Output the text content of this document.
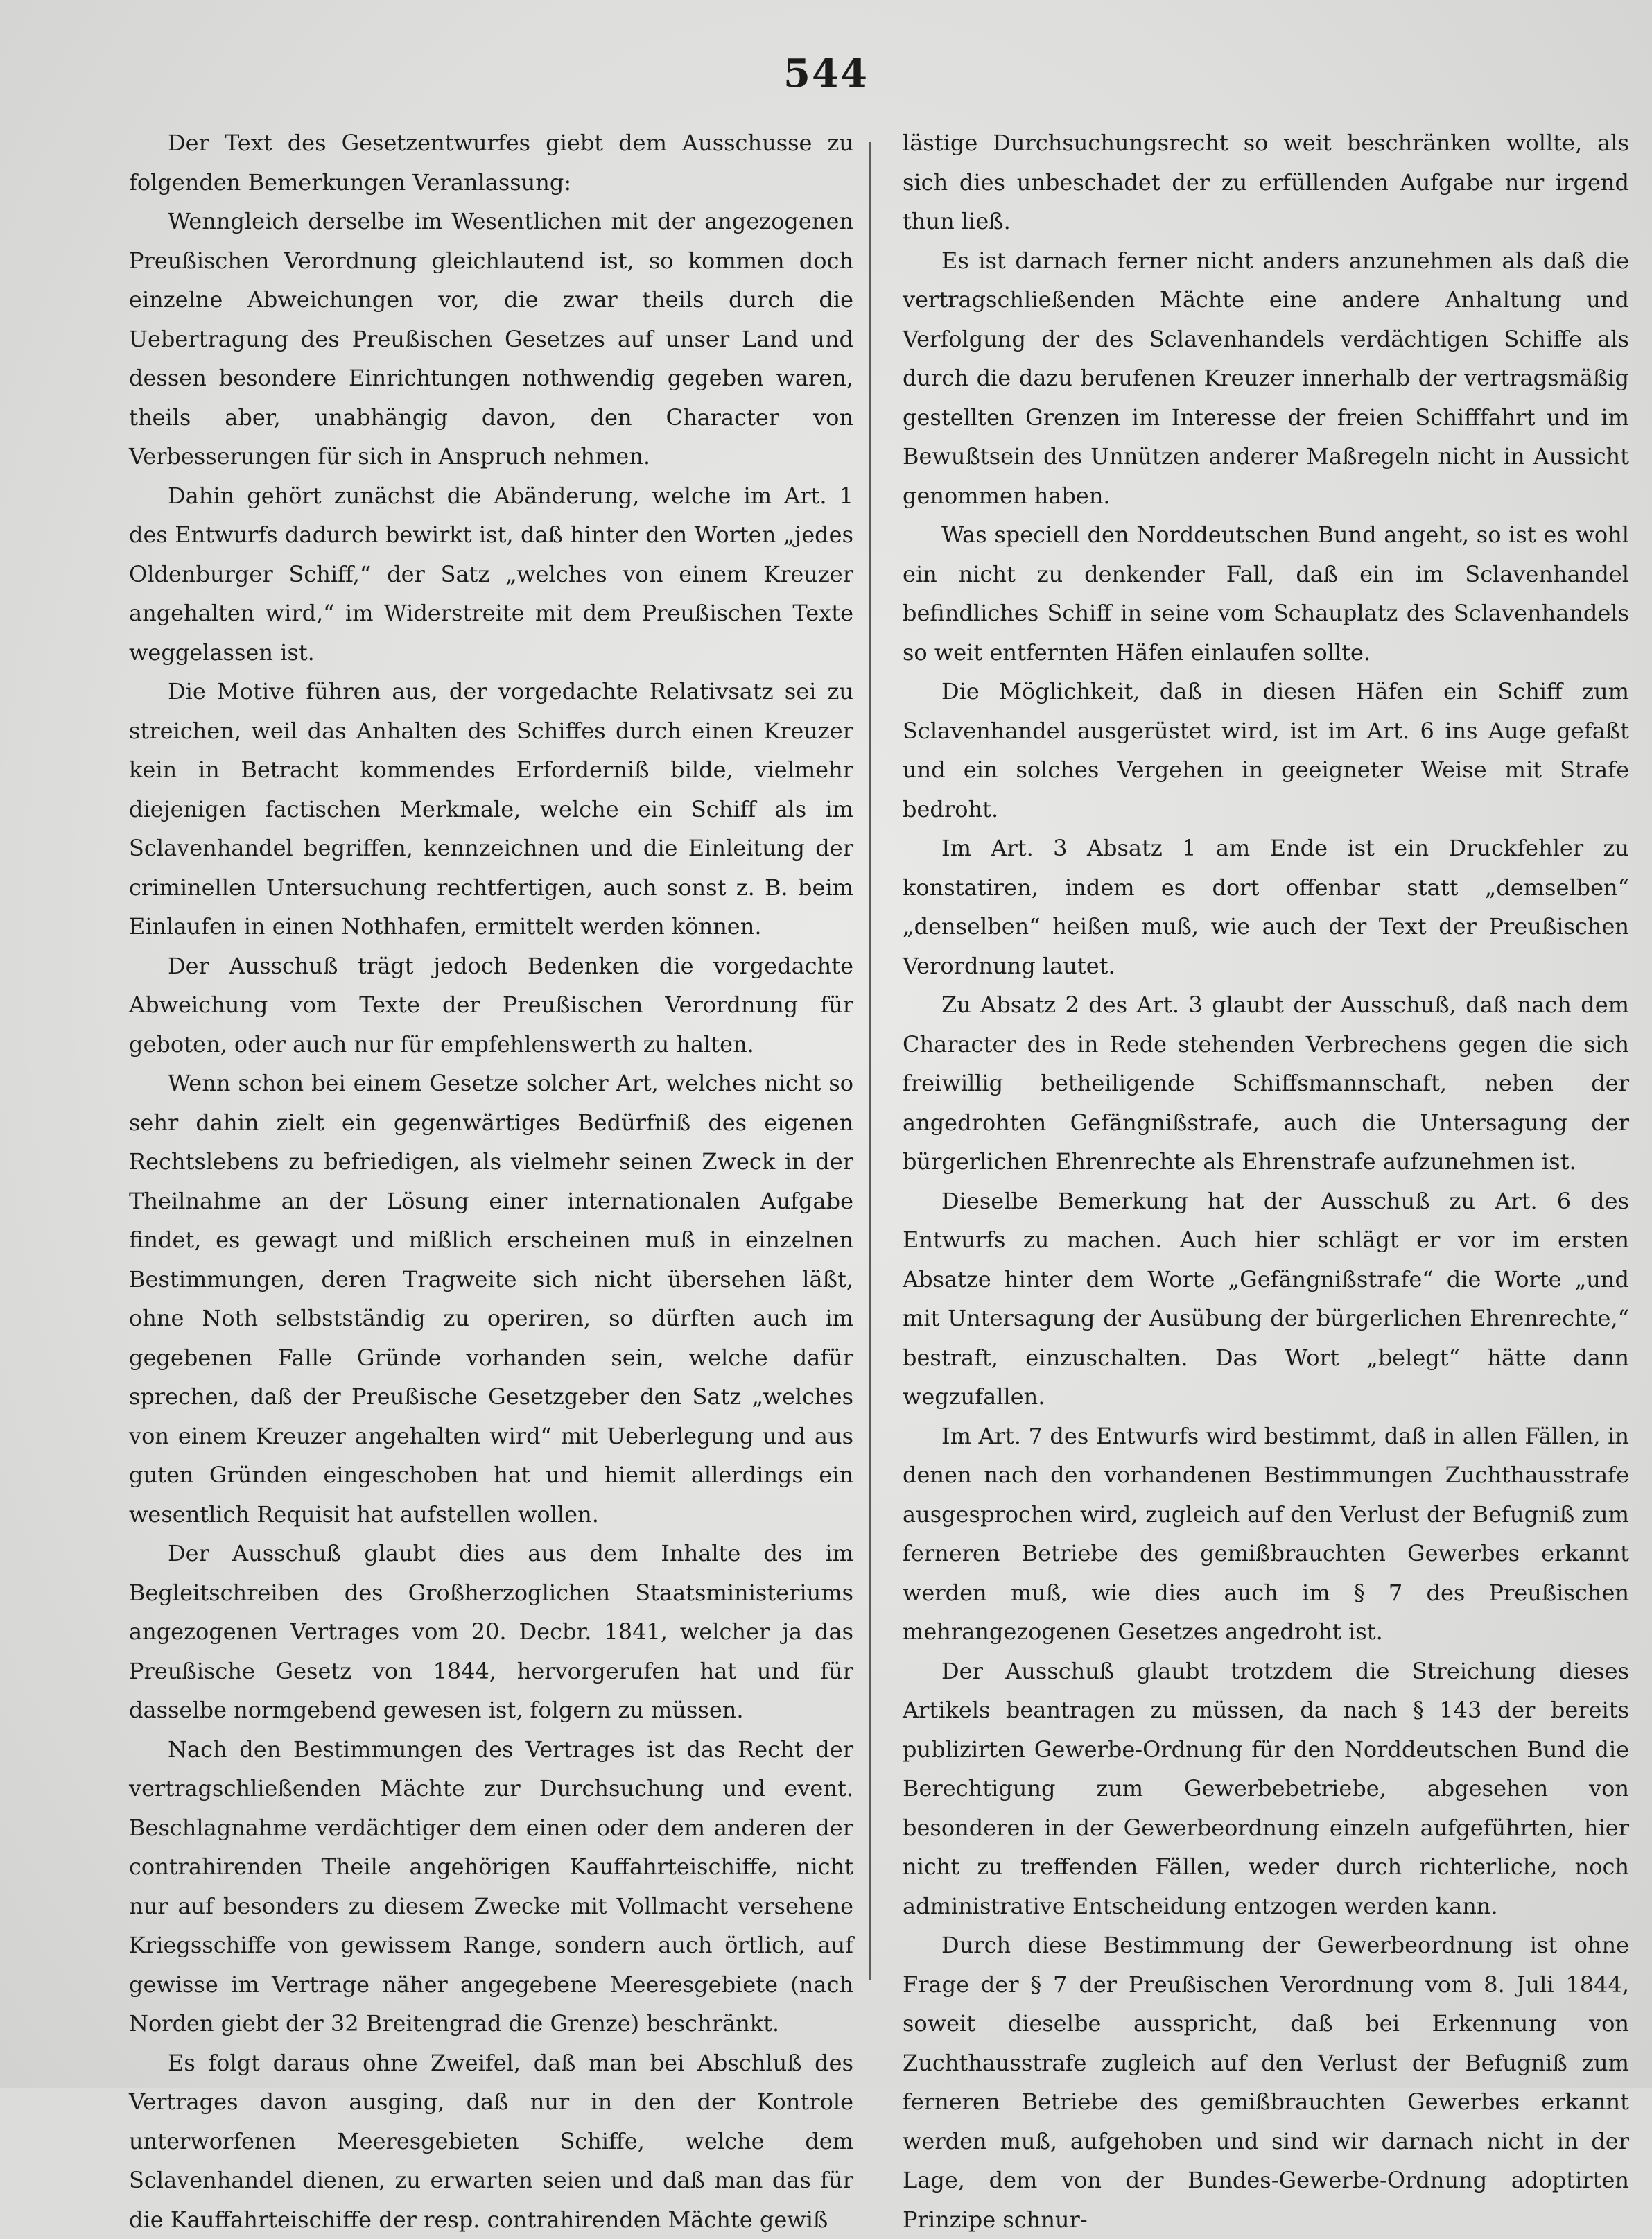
544

Der Text des Gesetzentwurfes giebt dem Ausschusse zu folgenden Bemerkungen Veranlassung:

Wenngleich derselbe im Wesentlichen mit der angezogenen Preußischen Verordnung gleichlautend ist, so kommen doch einzelne Abweichungen vor, die zwar theils durch die Uebertragung des Preußischen Gesetzes auf unser Land und dessen besondere Einrichtungen nothwendig gegeben waren, theils aber, unabhängig davon, den Character von Verbesserungen für sich in Anspruch nehmen.

Dahin gehört zunächst die Abänderung, welche im Art. 1 des Entwurfs dadurch bewirkt ist, daß hinter den Worten „jedes Oldenburger Schiff,“ der Satz „welches von einem Kreuzer angehalten wird,“ im Widerstreite mit dem Preußischen Texte weggelassen ist.

Die Motive führen aus, der vorgedachte Relativsatz sei zu streichen, weil das Anhalten des Schiffes durch einen Kreuzer kein in Betracht kommendes Erforderniß bilde, vielmehr diejenigen factischen Merkmale, welche ein Schiff als im Sclavenhandel begriffen, kennzeichnen und die Einleitung der criminellen Untersuchung rechtfertigen, auch sonst z. B. beim Einlaufen in einen Nothhafen, ermittelt werden können.

Der Ausschuß trägt jedoch Bedenken die vorgedachte Abweichung vom Texte der Preußischen Verordnung für geboten, oder auch nur für empfehlenswerth zu halten.

Wenn schon bei einem Gesetze solcher Art, welches nicht so sehr dahin zielt ein gegenwärtiges Bedürfniß des eigenen Rechtslebens zu befriedigen, als vielmehr seinen Zweck in der Theilnahme an der Lösung einer internationalen Aufgabe findet, es gewagt und mißlich erscheinen muß in einzelnen Bestimmungen, deren Tragweite sich nicht übersehen läßt, ohne Noth selbstständig zu operiren, so dürften auch im gegebenen Falle Gründe vorhanden sein, welche dafür sprechen, daß der Preußische Gesetzgeber den Satz „welches von einem Kreuzer angehalten wird“ mit Ueberlegung und aus guten Gründen eingeschoben hat und hiemit allerdings ein wesentlich Requisit hat aufstellen wollen.

Der Ausschuß glaubt dies aus dem Inhalte des im Begleitschreiben des Großherzoglichen Staatsministeriums angezogenen Vertrages vom 20. Decbr. 1841, welcher ja das Preußische Gesetz von 1844, hervorgerufen hat und für dasselbe normgebend gewesen ist, folgern zu müssen.

Nach den Bestimmungen des Vertrages ist das Recht der vertragschließenden Mächte zur Durchsuchung und event. Beschlagnahme verdächtiger dem einen oder dem anderen der contrahirenden Theile angehörigen Kauffahrteischiffe, nicht nur auf besonders zu diesem Zwecke mit Vollmacht versehene Kriegsschiffe von gewissem Range, sondern auch örtlich, auf gewisse im Vertrage näher angegebene Meeresgebiete (nach Norden giebt der 32 Breitengrad die Grenze) beschränkt.

Es folgt daraus ohne Zweifel, daß man bei Abschluß des Vertrages davon ausging, daß nur in den der Kontrole unterworfenen Meeresgebieten Schiffe, welche dem Sclavenhandel dienen, zu erwarten seien und daß man das für die Kauffahrteischiffe der resp. contrahirenden Mächte gewiß

lästige Durchsuchungsrecht so weit beschränken wollte, als sich dies unbeschadet der zu erfüllenden Aufgabe nur irgend thun ließ.

Es ist darnach ferner nicht anders anzunehmen als daß die vertragschließenden Mächte eine andere Anhaltung und Verfolgung der des Sclavenhandels verdächtigen Schiffe als durch die dazu berufenen Kreuzer innerhalb der vertragsmäßig gestellten Grenzen im Interesse der freien Schifffahrt und im Bewußtsein des Unnützen anderer Maßregeln nicht in Aussicht genommen haben.

Was speciell den Norddeutschen Bund angeht, so ist es wohl ein nicht zu denkender Fall, daß ein im Sclavenhandel befindliches Schiff in seine vom Schauplatz des Sclavenhandels so weit entfernten Häfen einlaufen sollte.

Die Möglichkeit, daß in diesen Häfen ein Schiff zum Sclavenhandel ausgerüstet wird, ist im Art. 6 ins Auge gefaßt und ein solches Vergehen in geeigneter Weise mit Strafe bedroht.

Im Art. 3 Absatz 1 am Ende ist ein Druckfehler zu konstatiren, indem es dort offenbar statt „demselben“ „denselben“ heißen muß, wie auch der Text der Preußischen Verordnung lautet.

Zu Absatz 2 des Art. 3 glaubt der Ausschuß, daß nach dem Character des in Rede stehenden Verbrechens gegen die sich freiwillig betheiligende Schiffsmannschaft, neben der angedrohten Gefängnißstrafe, auch die Untersagung der bürgerlichen Ehrenrechte als Ehrenstrafe aufzunehmen ist.

Dieselbe Bemerkung hat der Ausschuß zu Art. 6 des Entwurfs zu machen. Auch hier schlägt er vor im ersten Absatze hinter dem Worte „Gefängnißstrafe“ die Worte „und mit Untersagung der Ausübung der bürgerlichen Ehrenrechte,“ bestraft, einzuschalten. Das Wort „belegt“ hätte dann wegzufallen.

Im Art. 7 des Entwurfs wird bestimmt, daß in allen Fällen, in denen nach den vorhandenen Bestimmungen Zuchthausstrafe ausgesprochen wird, zugleich auf den Verlust der Befugniß zum ferneren Betriebe des gemißbrauchten Gewerbes erkannt werden muß, wie dies auch im § 7 des Preußischen mehrangezogenen Gesetzes angedroht ist.

Der Ausschuß glaubt trotzdem die Streichung dieses Artikels beantragen zu müssen, da nach § 143 der bereits publizirten Gewerbe-Ordnung für den Norddeutschen Bund die Berechtigung zum Gewerbebetriebe, abgesehen von besonderen in der Gewerbeordnung einzeln aufgeführten, hier nicht zu treffenden Fällen, weder durch richterliche, noch administrative Entscheidung entzogen werden kann.

Durch diese Bestimmung der Gewerbeordnung ist ohne Frage der § 7 der Preußischen Verordnung vom 8. Juli 1844, soweit dieselbe ausspricht, daß bei Erkennung von Zuchthausstrafe zugleich auf den Verlust der Befugniß zum ferneren Betriebe des gemißbrauchten Gewerbes erkannt werden muß, aufgehoben und sind wir darnach nicht in der Lage, dem von der Bundes-Gewerbe-Ordnung adoptirten Prinzipe schnur-
